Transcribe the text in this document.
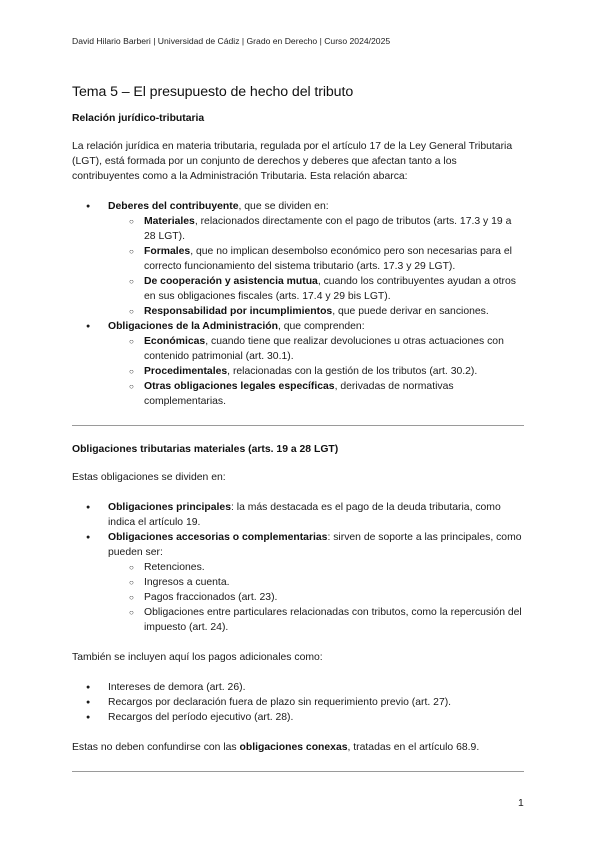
David Hilario Barberi | Universidad de Cádiz | Grado en Derecho | Curso 2024/2025
Tema 5 – El presupuesto de hecho del tributo
Relación jurídico-tributaria

La relación jurídica en materia tributaria, regulada por el artículo 17 de la Ley General Tributaria (LGT), está formada por un conjunto de derechos y deberes que afectan tanto a los contribuyentes como a la Administración Tributaria. Esta relación abarca:

● Deberes del contribuyente, que se dividen en:
○ Materiales, relacionados directamente con el pago de tributos (arts. 17.3 y 19 a 28 LGT).
○ Formales, que no implican desembolso económico pero son necesarias para el correcto funcionamiento del sistema tributario (arts. 17.3 y 29 LGT).
○ De cooperación y asistencia mutua, cuando los contribuyentes ayudan a otros en sus obligaciones fiscales (arts. 17.4 y 29 bis LGT).
○ Responsabilidad por incumplimientos, que puede derivar en sanciones.
● Obligaciones de la Administración, que comprenden:
○ Económicas, cuando tiene que realizar devoluciones u otras actuaciones con contenido patrimonial (art. 30.1).
○ Procedimentales, relacionadas con la gestión de los tributos (art. 30.2).
○ Otras obligaciones legales específicas, derivadas de normativas complementarias.
Obligaciones tributarias materiales (arts. 19 a 28 LGT)

Estas obligaciones se dividen en:

● Obligaciones principales: la más destacada es el pago de la deuda tributaria, como indica el artículo 19.
● Obligaciones accesorias o complementarias: sirven de soporte a las principales, como pueden ser:
○ Retenciones.
○ Ingresos a cuenta.
○ Pagos fraccionados (art. 23).
○ Obligaciones entre particulares relacionadas con tributos, como la repercusión del impuesto (art. 24).

También se incluyen aquí los pagos adicionales como:

● Intereses de demora (art. 26).
● Recargos por declaración fuera de plazo sin requerimiento previo (art. 27).
● Recargos del período ejecutivo (art. 28).

Estas no deben confundirse con las obligaciones conexas, tratadas en el artículo 68.9.

1
